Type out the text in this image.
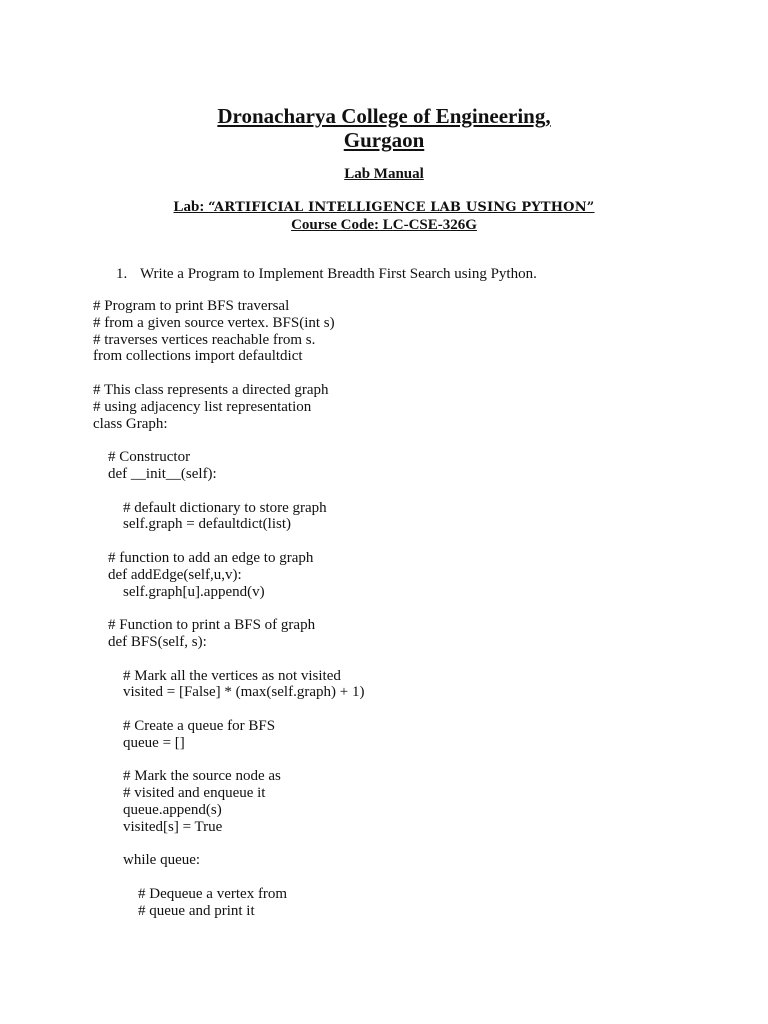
Dronacharya College of Engineering,

Gurgaon

Lab Manual

Lab: “ARTIFICIAL INTELLIGENCE LAB USING PYTHON”

Course Code: LC-CSE-326G

1. Write a Program to Implement Breadth First Search using Python.

# Program to print BFS traversal
# from a given source vertex. BFS(int s)
# traverses vertices reachable from s.
from collections import defaultdict
# This class represents a directed graph
# using adjacency list representation
class Graph:
# Constructor
def __init__(self):
# default dictionary to store graph
self.graph = defaultdict(list)
# function to add an edge to graph
def addEdge(self,u,v):
self.graph[u].append(v)
# Function to print a BFS of graph
def BFS(self, s):
# Mark all the vertices as not visited
visited = [False] * (max(self.graph) + 1)
# Create a queue for BFS
queue = []
# Mark the source node as
# visited and enqueue it
queue.append(s)
visited[s] = True
while queue:
# Dequeue a vertex from
# queue and print it
